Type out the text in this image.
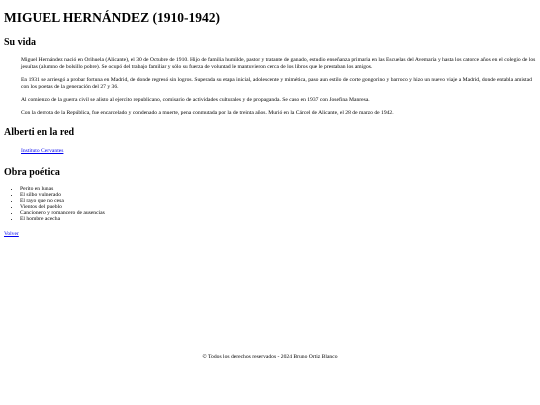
MIGUEL HERNÁNDEZ (1910-1942)
Su vida

Miguel Hernández nació en Orihuela (Alicante), el 30 de Octubre de 1910. Hijo de familia humilde, pastor y tratante de ganado, estudio enseñanza primaria en las Escuelas del Avemaría y hasta los catorce años en el colegio de los jesuítas (alumno de bolsillo pobre). Se ocupó del trabajo familiar y sólo su fuerza de voluntad le mantuvieron cerca de los libros que le prestaban los amigos.

En 1931 se arriesgó a probar fortuna en Madrid, de donde regresó sin logros. Superada su etapa inicial, adolescente y mimética, paso aun estilo de corte gongorino y barroco y hizo un nuevo viaje a Madrid, donde entabla amistad con los poetas de la generación del 27 y 36.

Al comienzo de la guerra civil se alisto al ejercito republicano, comisario de actividades culturales y de propaganda. Se caso en 1937 con Josefina Manresa.

Con la derrota de la República, fue encarcelado y condenado a muerte, pena conmutada por la de treinta años. Murió en la Cárcel de Alicante, el 28 de marzo de 1942.

Alberti en la red
Instituto Cervantes
Obra poética
• Perito en lunas
• El silbo vulnerado
• El rayo que no cesa
• Vientos del pueblo
• Cancionero y romancero de ausencias
• El hombre acecha
Volver
© Todos los derechos reservados - 2024 Bruno Ortiz Blanco
